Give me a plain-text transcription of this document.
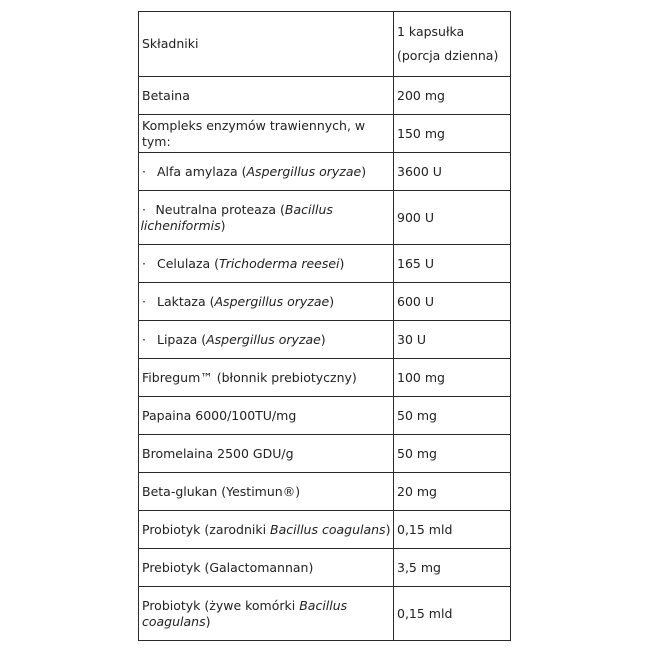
Składniki	1 kapsułka
(porcja dzienna)

Betaina	200 mg
Kompleks enzymów trawiennych, w tym:	150 mg
· Alfa amylaza (Aspergillus oryzae)	3600 U

· Neutralna proteaza (Bacillus licheniformis)	900 U
· Celulaza (Trichoderma reesei)	165 U
· Laktaza (Aspergillus oryzae)	600 U
· Lipaza (Aspergillus oryzae)	30 U
Fibregum™ (błonnik prebiotyczny)	100 mg
Papaina 6000/100TU/mg	50 mg
Bromelaina 2500 GDU/g	50 mg
Beta-glukan (Yestimun®)	20 mg
Probiotyk (zarodniki Bacillus coagulans)	0,15 mld
Prebiotyk (Galactomannan)	3,5 mg
Probiotyk (żywe komórki Bacillus coagulans)	0,15 mld
